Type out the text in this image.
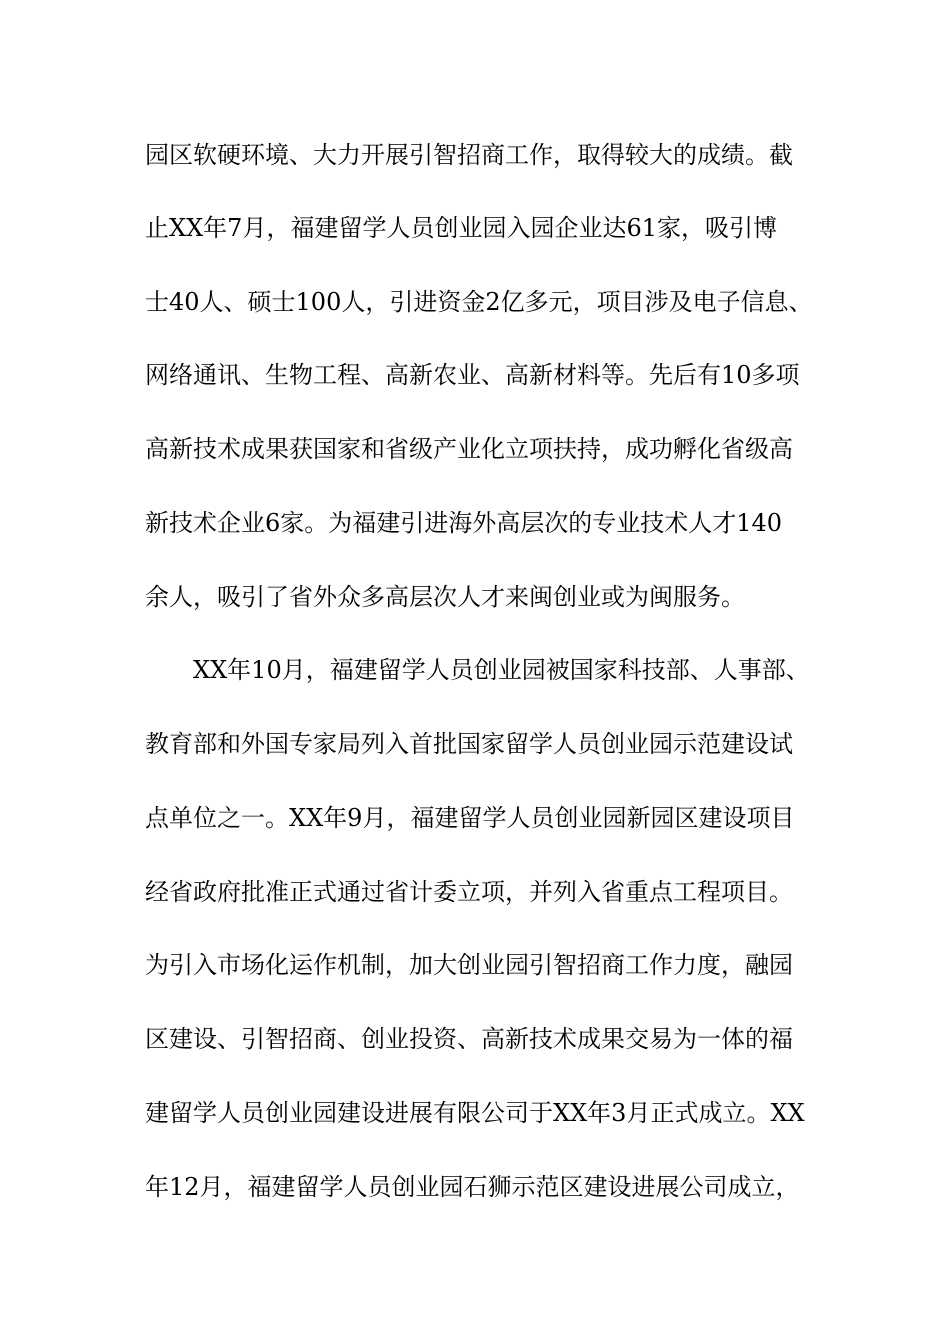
园区软硬环境、大力开展引智招商工作，取得较大的成绩。截
止XX年7月，福建留学人员创业园入园企业达61家，吸引博
士40人、硕士100人，引进资金2亿多元，项目涉及电子信息、
网络通讯、生物工程、高新农业、高新材料等。先后有10多项
高新技术成果获国家和省级产业化立项扶持，成功孵化省级高
新技术企业6家。为福建引进海外高层次的专业技术人才140
余人，吸引了省外众多高层次人才来闽创业或为闽服务。
XX年10月，福建留学人员创业园被国家科技部、人事部、
教育部和外国专家局列入首批国家留学人员创业园示范建设试
点单位之一。XX年9月，福建留学人员创业园新园区建设项目
经省政府批准正式通过省计委立项，并列入省重点工程项目。
为引入市场化运作机制，加大创业园引智招商工作力度，融园
区建设、引智招商、创业投资、高新技术成果交易为一体的福
建留学人员创业园建设进展有限公司于XX年3月正式成立。XX
年12月，福建留学人员创业园石狮示范区建设进展公司成立，
